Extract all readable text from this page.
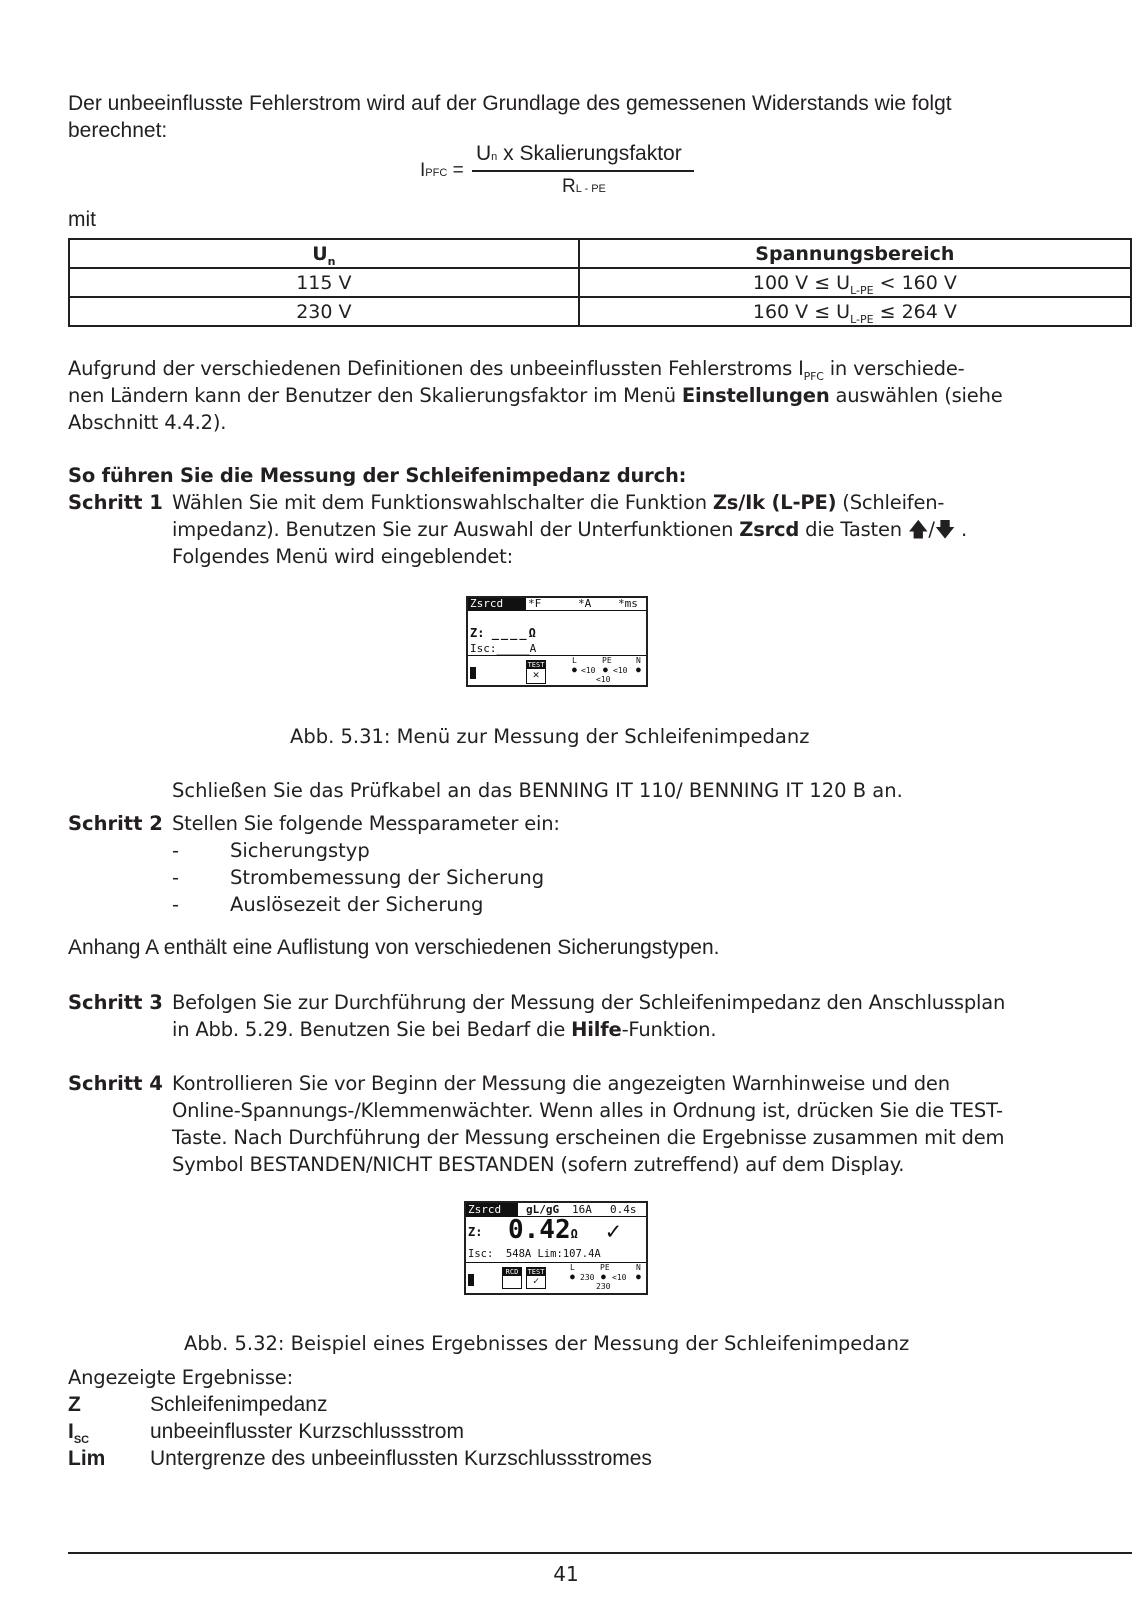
Der unbeeinflusste Fehlerstrom wird auf der Grundlage des gemessenen Widerstands wie folgt

berechnet:

IPFC =
Un x Skalierungsfaktor
RL - PE

mit

$U_n$	Spannungsbereich
115 V	100 $V \le U_{L-PE} < 160$ V
230 V	160 $V \le U_{L-PE} \le 264$ V

Aufgrund der verschiedenen Definitionen des unbeeinflussten Fehlerstroms $I_{PFC}$ in verschiede-

nen Ländern kann der Benutzer den Skalierungsfaktor im Menü Einstellungen auswählen (siehe

Abschnitt 4.4.2).

So führen Sie die Messung der Schleifenimpedanz durch:

Schritt 1 Wählen Sie mit dem Funktionswahlschalter die Funktion Zs/Ik (L-PE) (Schleifen-
impedanz). Benutzen Sie zur Auswahl der Unterfunktionen Zsrcd die Tasten 🡅/🡇 .
Folgendes Menü wird eingeblendet:
Zsrcd	*F	*A *ms
Z: ____Ω
Isc:_____A
TEST
✕
L	PE	N
● <10 ● <10 ●
<10

Abb. 5.31: Menü zur Messung der Schleifenimpedanz

Schließen Sie das Prüfkabel an das BENNING IT 110/ BENNING IT 120 B an.

Schritt 2 Stellen Sie folgende Messparameter ein:
-	Sicherungstyp
-	Strombemessung der Sicherung
-	Auslösezeit der Sicherung

Anhang A enthält eine Auflistung von verschiedenen Sicherungstypen.

Schritt 3 Befolgen Sie zur Durchführung der Messung der Schleifenimpedanz den Anschlussplan
in Abb. 5.29. Benutzen Sie bei Bedarf die Hilfe-Funktion.
Schritt 4 Kontrollieren Sie vor Beginn der Messung die angezeigten Warnhinweise und den
Online-Spannungs-/Klemmenwächter. Wenn alles in Ordnung ist, drücken Sie die TEST-
Taste. Nach Durchführung der Messung erscheinen die Ergebnisse zusammen mit dem
Symbol BESTANDEN/NICHT BESTANDEN (sofern zutreffend) auf dem Display.
Zsrcd	gL/gG 16A 0.4s
Z: 0.42Ω ✓
Isc:  548A Lim:107.4A
RCD	TEST
✓
L	PE	N
● 230 ● <10 ●
230

Abb. 5.32: Beispiel eines Ergebnisses der Messung der Schleifenimpedanz

Angezeigte Ergebnisse:

Z	Schleifenimpedanz
$I_{SC}$	unbeeinflusster Kurzschlussstrom
Lim Untergrenze des unbeeinflussten Kurzschlussstromes
41
